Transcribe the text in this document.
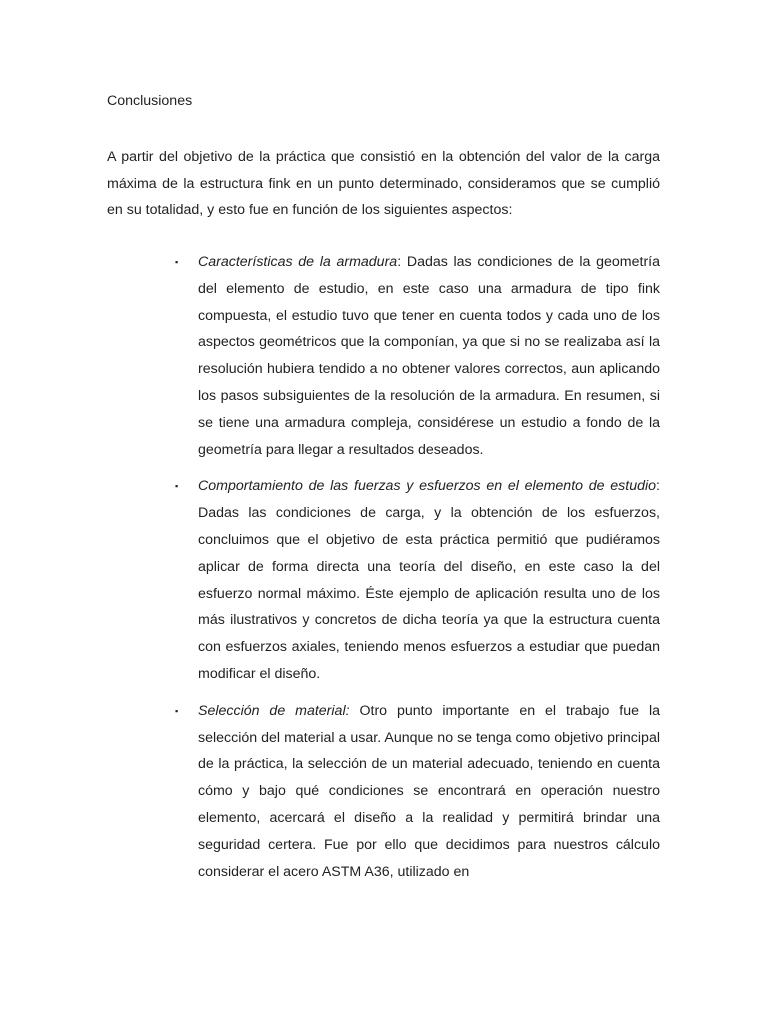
Conclusiones

A partir del objetivo de la práctica que consistió en la obtención del valor de la carga máxima de la estructura fink en un punto determinado, consideramos que se cumplió en su totalidad, y esto fue en función de los siguientes aspectos:

▪ Características de la armadura: Dadas las condiciones de la geometría del elemento de estudio, en este caso una armadura de tipo fink compuesta, el estudio tuvo que tener en cuenta todos y cada uno de los aspectos geométricos que la componían, ya que si no se realizaba así la resolución hubiera tendido a no obtener valores correctos, aun aplicando los pasos subsiguientes de la resolución de la armadura. En resumen, si se tiene una armadura compleja, considérese un estudio a fondo de la geometría para llegar a resultados deseados.
▪ Comportamiento de las fuerzas y esfuerzos en el elemento de estudio: Dadas las condiciones de carga, y la obtención de los esfuerzos, concluimos que el objetivo de esta práctica permitió que pudiéramos aplicar de forma directa una teoría del diseño, en este caso la del esfuerzo normal máximo. Éste ejemplo de aplicación resulta uno de los más ilustrativos y concretos de dicha teoría ya que la estructura cuenta con esfuerzos axiales, teniendo menos esfuerzos a estudiar que puedan modificar el diseño.
▪ Selección de material: Otro punto importante en el trabajo fue la selección del material a usar. Aunque no se tenga como objetivo principal de la práctica, la selección de un material adecuado, teniendo en cuenta cómo y bajo qué condiciones se encontrará en operación nuestro elemento, acercará el diseño a la realidad y permitirá brindar una seguridad certera. Fue por ello que decidimos para nuestros cálculo considerar el acero ASTM A36, utilizado en
